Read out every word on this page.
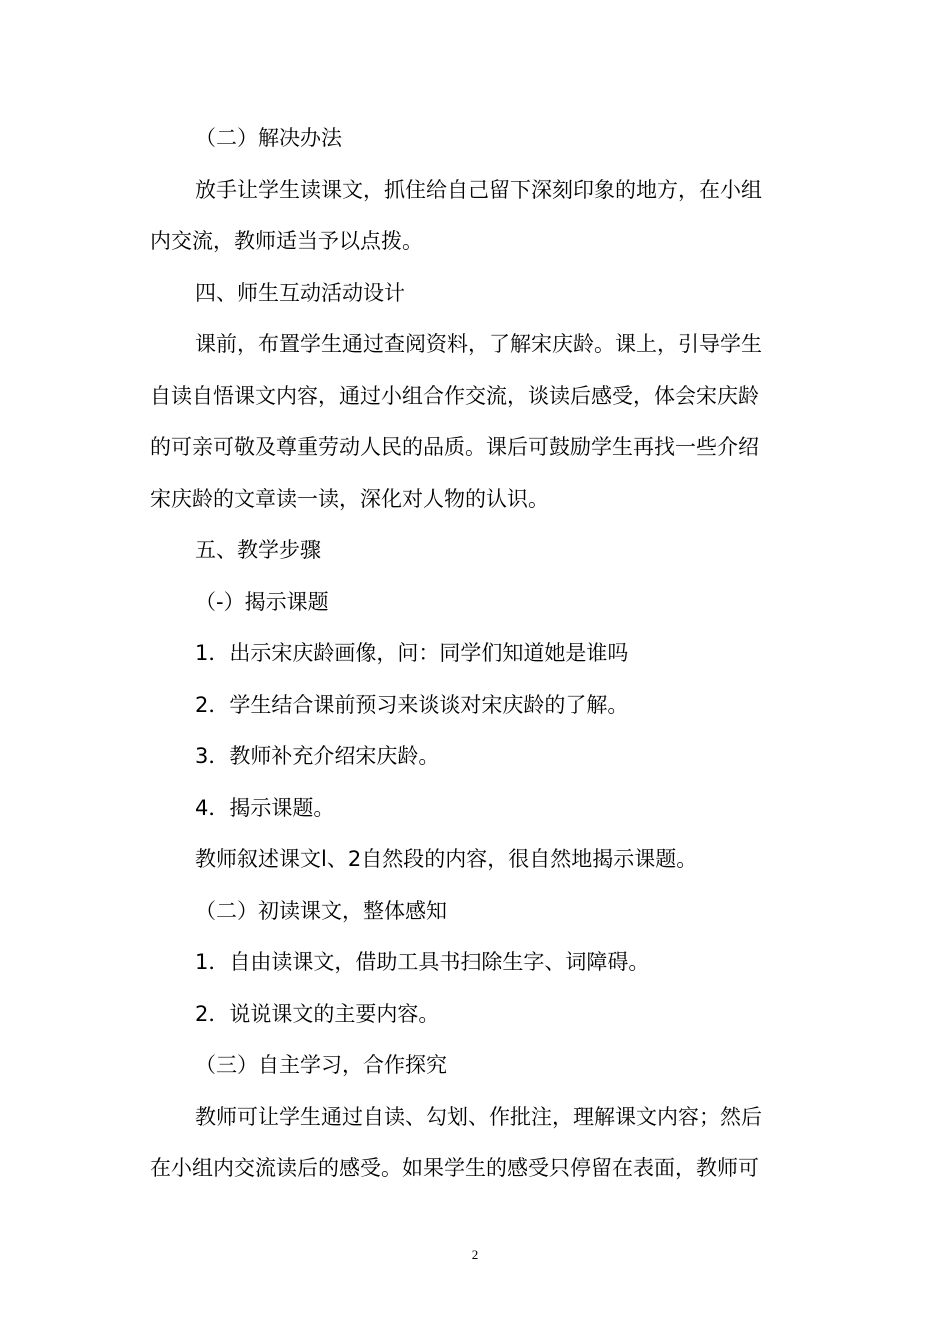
（二）解决办法
放手让学生读课文，抓住给自己留下深刻印象的地方，在小组
内交流，教师适当予以点拨。
四、师生互动活动设计
课前，布置学生通过查阅资料，了解宋庆龄。课上，引导学生
自读自悟课文内容，通过小组合作交流，谈读后感受，体会宋庆龄
的可亲可敬及尊重劳动人民的品质。课后可鼓励学生再找一些介绍
宋庆龄的文章读一读，深化对人物的认识。
五、教学步骤
（-）揭示课题
1．出示宋庆龄画像，问：同学们知道她是谁吗
2．学生结合课前预习来谈谈对宋庆龄的了解。
3．教师补充介绍宋庆龄。
4．揭示课题。
教师叙述课文l、2自然段的内容，很自然地揭示课题。
（二）初读课文，整体感知
1．自由读课文，借助工具书扫除生字、词障碍。
2．说说课文的主要内容。
（三）自主学习，合作探究
教师可让学生通过自读、勾划、作批注，理解课文内容；然后
在小组内交流读后的感受。如果学生的感受只停留在表面，教师可
2
